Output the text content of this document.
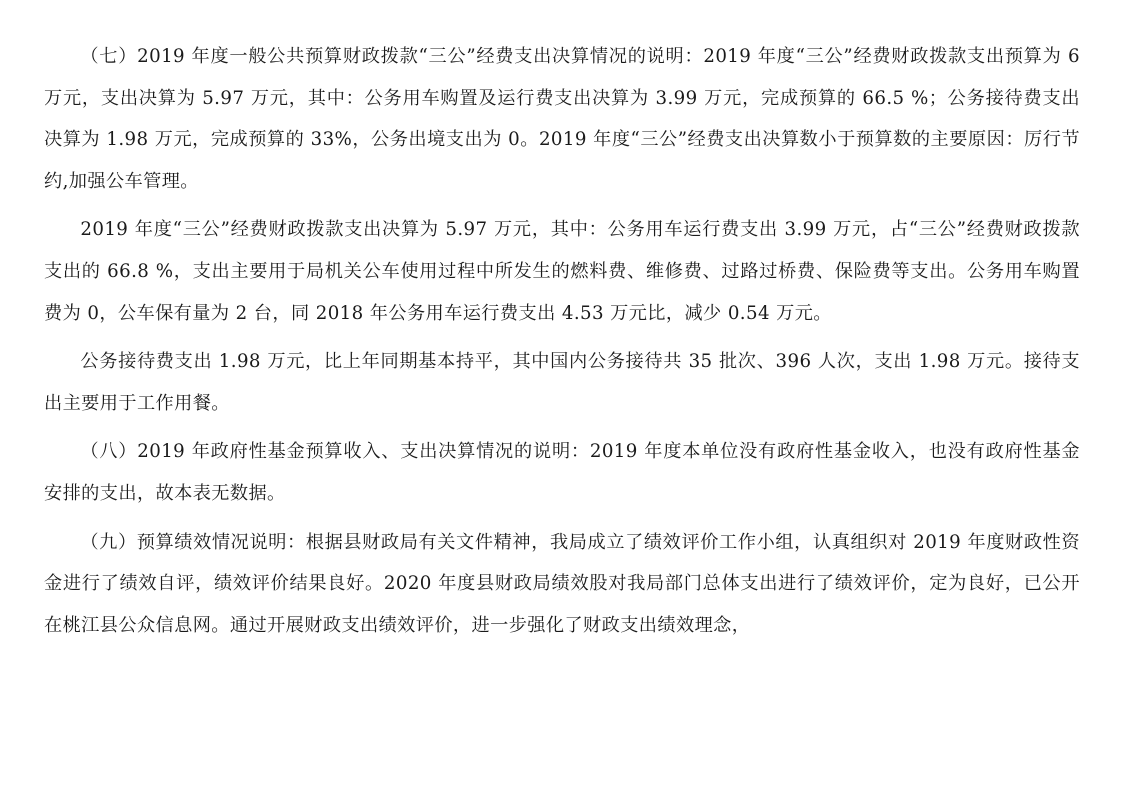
（七）2019 年度一般公共预算财政拨款“三公”经费支出决算情况的说明：2019 年度“三公”经费财政拨款支出预算为 6 万元，支出决算为 5.97 万元，其中：公务用车购置及运行费支出决算为 3.99 万元，完成预算的 66.5 %；公务接待费支出决算为 1.98 万元，完成预算的 33%，公务出境支出为 0。2019 年度“三公”经费支出决算数小于预算数的主要原因：厉行节约,加强公车管理。

2019 年度“三公”经费财政拨款支出决算为 5.97 万元，其中：公务用车运行费支出 3.99 万元，占“三公”经费财政拨款支出的 66.8 %，支出主要用于局机关公车使用过程中所发生的燃料费、维修费、过路过桥费、保险费等支出。公务用车购置费为 0，公车保有量为 2 台，同 2018 年公务用车运行费支出 4.53 万元比，减少 0.54 万元。

公务接待费支出 1.98 万元，比上年同期基本持平，其中国内公务接待共 35 批次、396 人次，支出 1.98 万元。接待支出主要用于工作用餐。

（八）2019 年政府性基金预算收入、支出决算情况的说明：2019 年度本单位没有政府性基金收入，也没有政府性基金安排的支出，故本表无数据。

（九）预算绩效情况说明：根据县财政局有关文件精神，我局成立了绩效评价工作小组，认真组织对 2019 年度财政性资金进行了绩效自评，绩效评价结果良好。2020 年度县财政局绩效股对我局部门总体支出进行了绩效评价，定为良好，已公开在桃江县公众信息网。通过开展财政支出绩效评价，进一步强化了财政支出绩效理念，
